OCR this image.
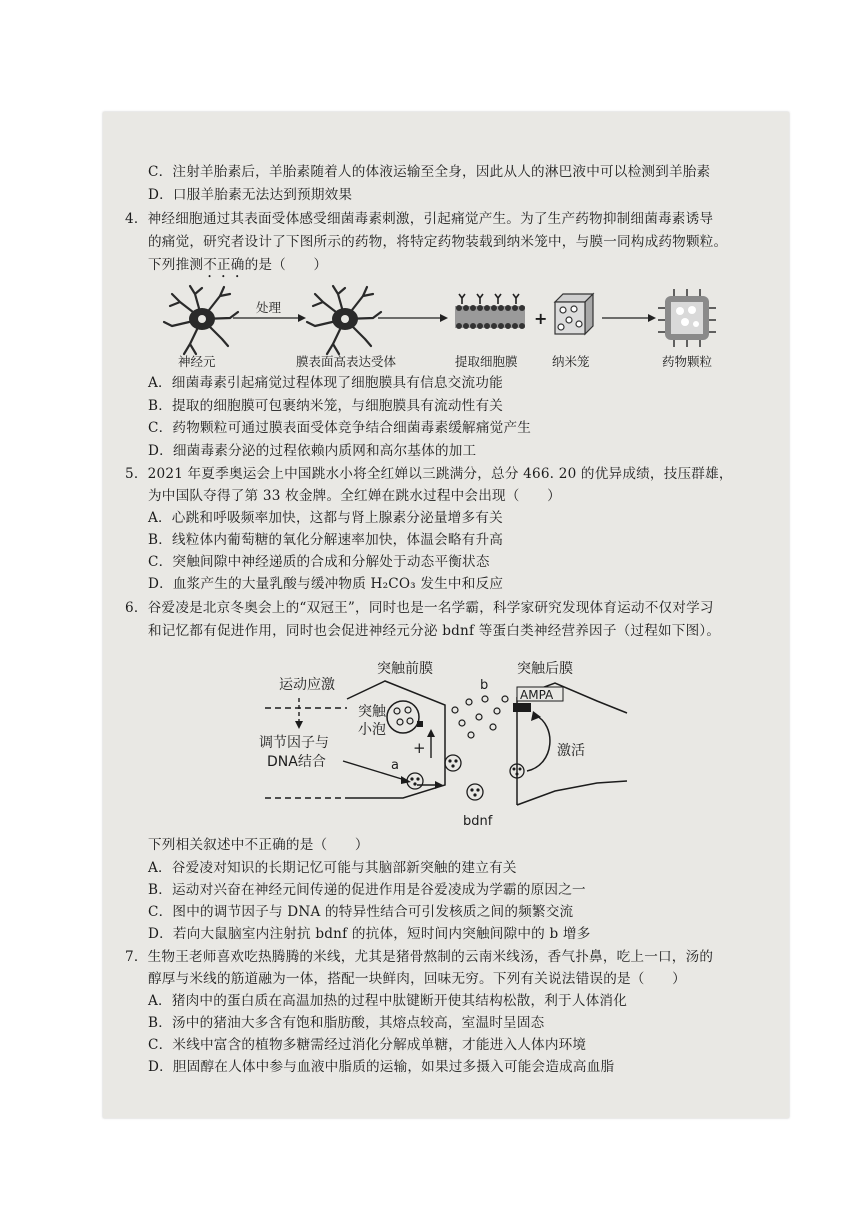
C．注射羊胎素后，羊胎素随着人的体液运输至全身，因此从人的淋巴液中可以检测到羊胎素
D．口服羊胎素无法达到预期效果
4．神经细胞通过其表面受体感受细菌毒素刺激，引起痛觉产生。为了生产药物抑制细菌毒素诱导
的痛觉，研究者设计了下图所示的药物，将特定药物装载到纳米笼中，与膜一同构成药物颗粒。
下列推测不正确的是（　　）
处理
+
神经元	膜表面高表达受体	提取细胞膜	纳米笼	药物颗粒
A．细菌毒素引起痛觉过程体现了细胞膜具有信息交流功能
B．提取的细胞膜可包裹纳米笼，与细胞膜具有流动性有关
C．药物颗粒可通过膜表面受体竞争结合细菌毒素缓解痛觉产生
D．细菌毒素分泌的过程依赖内质网和高尔基体的加工
5．2021 年夏季奥运会上中国跳水小将全红婵以三跳满分，总分 466. 20 的优异成绩，技压群雄，
为中国队夺得了第 33 枚金牌。全红婵在跳水过程中会出现（　　）
A．心跳和呼吸频率加快，这都与肾上腺素分泌量增多有关
B．线粒体内葡萄糖的氧化分解速率加快，体温会略有升高
C．突触间隙中神经递质的合成和分解处于动态平衡状态
D．血浆产生的大量乳酸与缓冲物质 H₂CO₃ 发生中和反应
6．谷爱凌是北京冬奥会上的“双冠王”，同时也是一名学霸，科学家研究发现体育运动不仅对学习
和记忆都有促进作用，同时也会促进神经元分泌 bdnf 等蛋白类神经营养因子（过程如下图）。
突触前膜	突触后膜
运动应激
突触
小泡
调节因子与
DNA结合	a
+
b
AMPA
激活
bdnf
下列相关叙述中不正确的是（　　）
A．谷爱凌对知识的长期记忆可能与其脑部新突触的建立有关
B．运动对兴奋在神经元间传递的促进作用是谷爱凌成为学霸的原因之一
C．图中的调节因子与 DNA 的特异性结合可引发核质之间的频繁交流
D．若向大鼠脑室内注射抗 bdnf 的抗体，短时间内突触间隙中的 b 增多
7．生物王老师喜欢吃热腾腾的米线，尤其是猪骨熬制的云南米线汤，香气扑鼻，吃上一口，汤的
醇厚与米线的筋道融为一体，搭配一块鲜肉，回味无穷。下列有关说法错误的是（　　）
A．猪肉中的蛋白质在高温加热的过程中肽键断开使其结构松散，利于人体消化
B．汤中的猪油大多含有饱和脂肪酸，其熔点较高，室温时呈固态
C．米线中富含的植物多糖需经过消化分解成单糖，才能进入人体内环境
D．胆固醇在人体中参与血液中脂质的运输，如果过多摄入可能会造成高血脂
